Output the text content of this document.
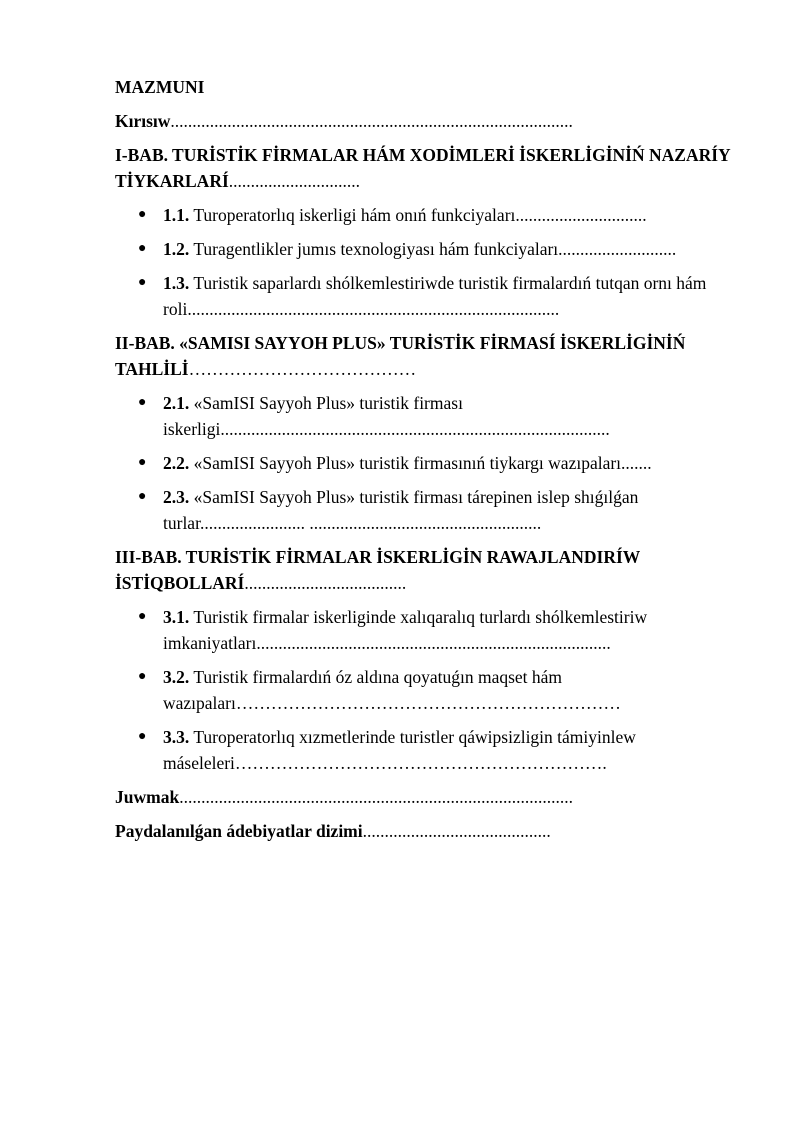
MAZMUNI
Kırısıw............................................................................................
I-BAB. TURİSTİK FİRMALAR HÁM XODİMLERİ İSKERLİGİNİŃ NAZARÍY TİYKARLARÍ..............................
● 1.1. Turoperatorlıq iskerligi hám onıń funkciyaları..............................
● 1.2. Turagentlikler jumıs texnologiyası hám funkciyaları...........................
● 1.3. Turistik saparlardı shólkemlestiriwde turistik firmalardıń tutqan ornı hám roli.....................................................................................
II-BAB. «SAMISI SAYYOH PLUS» TURİSTİK FİRMASÍ İSKERLİGİNİŃ TAHLİLİ…………………………………
● 2.1. «SamISI Sayyoh Plus» turistik firması iskerligi.........................................................................................
● 2.2. «SamISI Sayyoh Plus» turistik firmasınıń tiykargı wazıpaları.......
● 2.3. «SamISI Sayyoh Plus» turistik firması tárepinen islep shıǵılǵan turlar........................ .....................................................
III-BAB. TURİSTİK FİRMALAR İSKERLİGİN RAWAJLANDIRÍW İSTİQBOLLARÍ.....................................
● 3.1. Turistik firmalar iskerliginde xalıqaralıq turlardı shólkemlestiriw imkaniyatları.................................................................................
● 3.2. Turistik firmalardıń óz aldına qoyatuǵın maqset hám wazıpaları…………………………………………………………
● 3.3. Turoperatorlıq xızmetlerinde turistler qáwipsizligin támiyinlew máseleleri……………………………………………………….
Juwmak..........................................................................................
Paydalanılǵan ádebiyatlar dizimi...........................................
